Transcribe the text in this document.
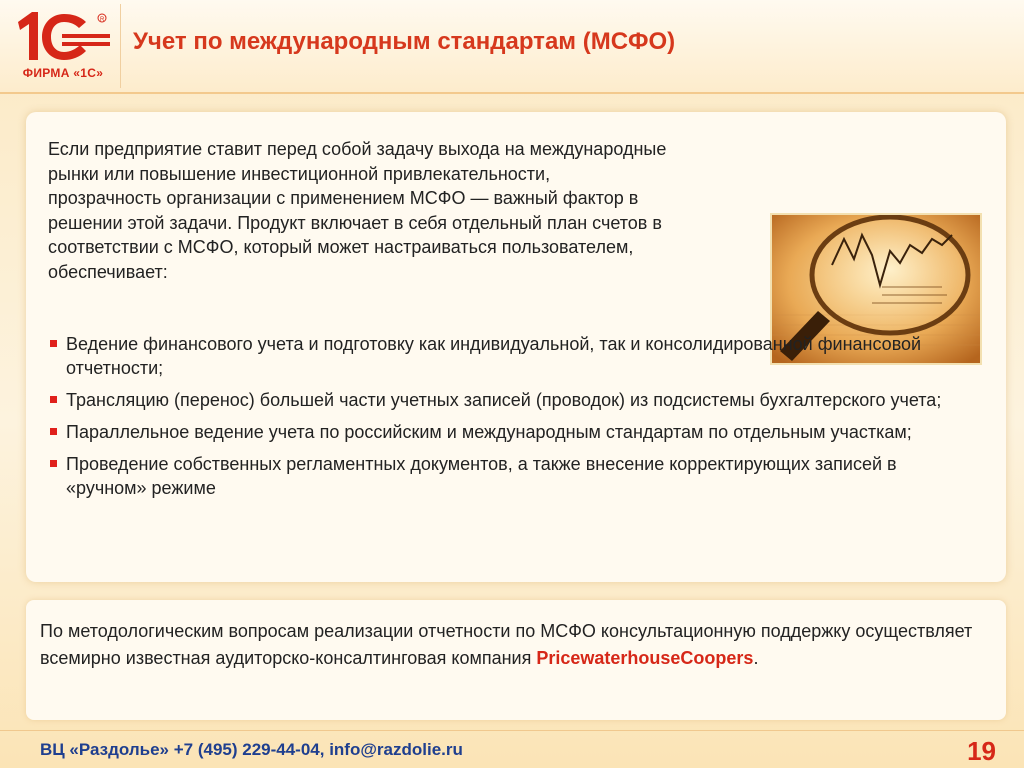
R
ФИРМА «1С»
Учет по международным стандартам (МСФО)
Если предприятие ставит перед собой задачу выхода на международные рынки или повышение инвестиционной привлекательности, прозрачность организации с применением МСФО — важный фактор в решении этой задачи. Продукт включает в себя отдельный план счетов в соответствии с МСФО, который может настраиваться пользователем, обеспечивает:
Ведение финансового учета и подготовку как индивидуальной, так и консолидированной финансовой отчетности;
Трансляцию (перенос) большей части учетных записей (проводок) из подсистемы бухгалтерского учета;
Параллельное ведение учета по российским и международным стандартам по отдельным участкам;
Проведение собственных регламентных документов, а также внесение корректирующих записей в «ручном» режиме
По методологическим вопросам реализации отчетности по МСФО консультационную поддержку осуществляет всемирно известная аудиторско-консалтинговая компания PricewaterhouseCoopers.
ВЦ «Раздолье» +7 (495) 229-44-04, info@razdolie.ru	19
